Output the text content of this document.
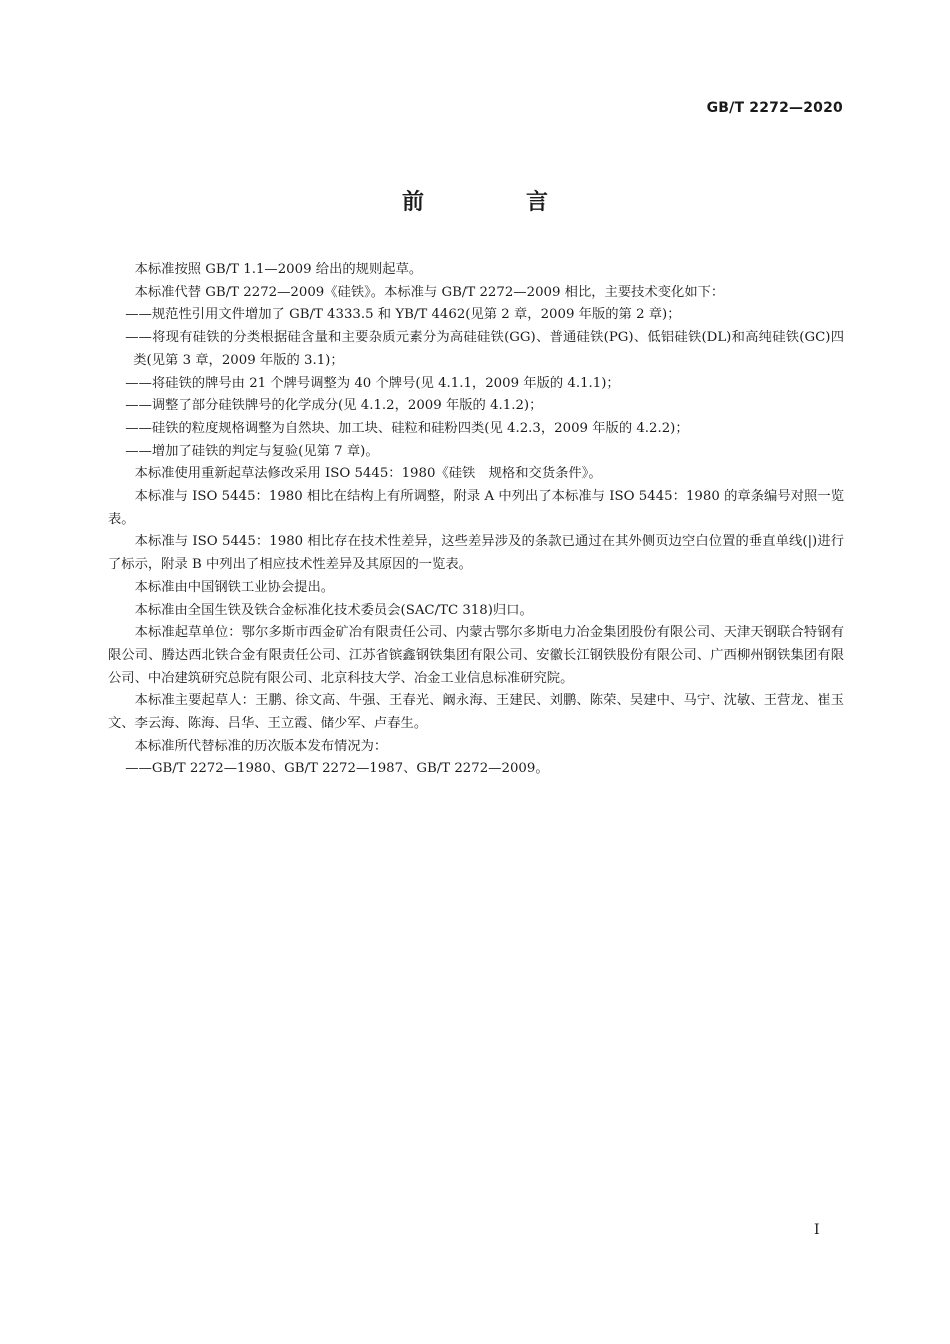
GB/T 2272—2020
前　言

本标准按照 GB/T 1.1—2009 给出的规则起草。

本标准代替 GB/T 2272—2009《硅铁》。本标准与 GB/T 2272—2009 相比，主要技术变化如下：

——规范性引用文件增加了 GB/T 4333.5 和 YB/T 4462(见第 2 章，2009 年版的第 2 章)；

——将现有硅铁的分类根据硅含量和主要杂质元素分为高硅硅铁(GG)、普通硅铁(PG)、低铝硅铁(DL)和高纯硅铁(GC)四类(见第 3 章，2009 年版的 3.1)；

——将硅铁的牌号由 21 个牌号调整为 40 个牌号(见 4.1.1，2009 年版的 4.1.1)；

——调整了部分硅铁牌号的化学成分(见 4.1.2，2009 年版的 4.1.2)；

——硅铁的粒度规格调整为自然块、加工块、硅粒和硅粉四类(见 4.2.3，2009 年版的 4.2.2)；

——增加了硅铁的判定与复验(见第 7 章)。

本标准使用重新起草法修改采用 ISO 5445：1980《硅铁　规格和交货条件》。

本标准与 ISO 5445：1980 相比在结构上有所调整，附录 A 中列出了本标准与 ISO 5445：1980 的章条编号对照一览表。

本标准与 ISO 5445：1980 相比存在技术性差异，这些差异涉及的条款已通过在其外侧页边空白位置的垂直单线(|)进行了标示，附录 B 中列出了相应技术性差异及其原因的一览表。

本标准由中国钢铁工业协会提出。

本标准由全国生铁及铁合金标准化技术委员会(SAC/TC 318)归口。

本标准起草单位：鄂尔多斯市西金矿冶有限责任公司、内蒙古鄂尔多斯电力冶金集团股份有限公司、天津天钢联合特钢有限公司、腾达西北铁合金有限责任公司、江苏省镔鑫钢铁集团有限公司、安徽长江钢铁股份有限公司、广西柳州钢铁集团有限公司、中冶建筑研究总院有限公司、北京科技大学、冶金工业信息标准研究院。

本标准主要起草人：王鹏、徐文高、牛强、王春光、阚永海、王建民、刘鹏、陈荣、吴建中、马宁、沈敏、王营龙、崔玉文、李云海、陈海、吕华、王立霞、储少军、卢春生。

本标准所代替标准的历次版本发布情况为：

——GB/T 2272—1980、GB/T 2272—1987、GB/T 2272—2009。

I
